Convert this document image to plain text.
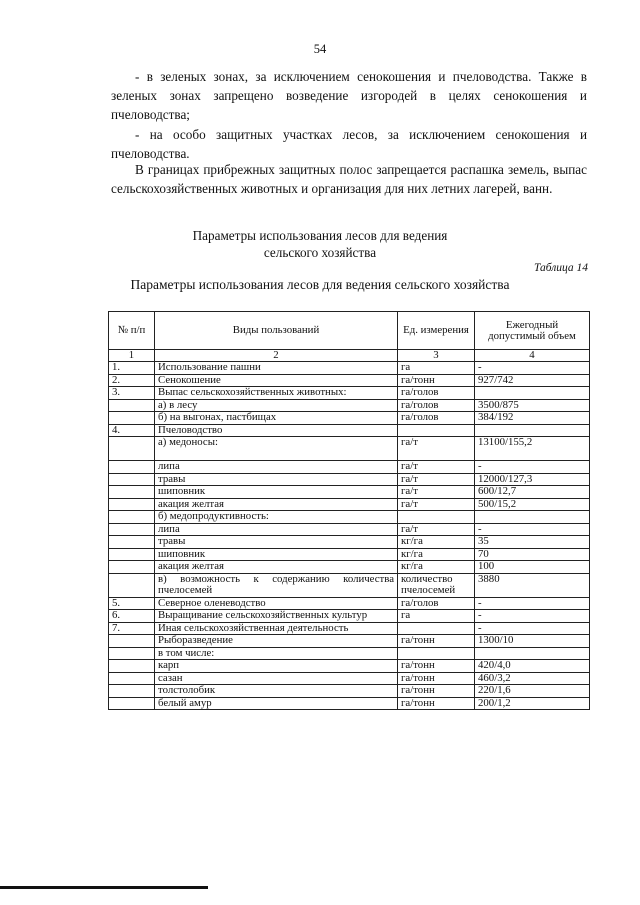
54
- в зеленых зонах, за исключением сенокошения и пчеловодства. Также в зеленых зонах запрещено возведение изгородей в целях сенокошения и пчеловодства;
- на особо защитных участках лесов, за исключением сенокошения и пчеловодства.
В границах прибрежных защитных полос запрещается распашка земель, выпас сельскохозяйственных животных и организация для них летних лагерей, ванн.
Параметры использования лесов для ведения
сельского хозяйства
Таблица 14
Параметры использования лесов для ведения сельского хозяйства
№ п/п	Виды пользований	Ед. измерения	Ежегодный допустимый объем
1	2	3	4
1.	Использование пашни	га	-
2.	Сенокошение	га/тонн	927/742
3.	Выпас сельскохозяйственных животных:	га/голов	
	а) в лесу	га/голов	3500/875
	б) на выгонах, пастбищах	га/голов	384/192
4.	Пчеловодство		
	а) медоносы:	га/т	13100/155,2
	липа	га/т	-
	травы	га/т	12000/127,3
	шиповник	га/т	600/12,7
	акация желтая	га/т	500/15,2
	б) медопродуктивность:		
	липа	га/т	-
	травы	кг/га	35
	шиповник	кг/га	70
	акация желтая	кг/га	100
	в) возможность к содержанию количества пчелосемей	количество пчелосемей	3880
5.	Северное оленеводство	га/голов	-
6.	Выращивание сельскохозяйственных культур	га	-
7.	Иная сельскохозяйственная деятельность		-
	Рыборазведение	га/тонн	1300/10
	в том числе:		
	карп	га/тонн	420/4,0
	сазан	га/тонн	460/3,2
	толстолобик	га/тонн	220/1,6
	белый амур	га/тонн	200/1,2
